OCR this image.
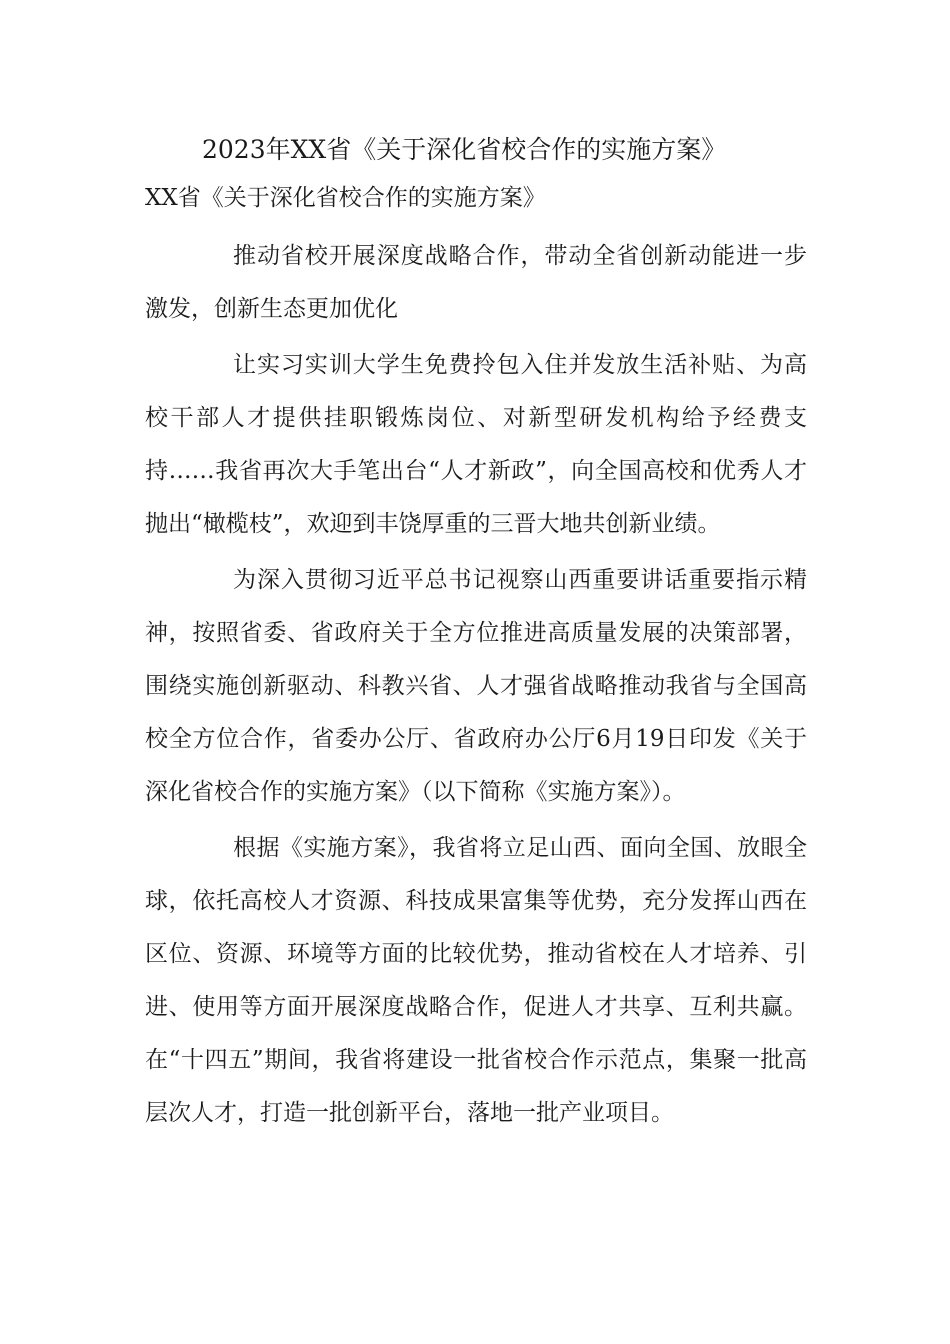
2023年XX省《关于深化省校合作的实施方案》

XX省《关于深化省校合作的实施方案》

推动省校开展深度战略合作，带动全省创新动能进一步激发，创新生态更加优化

让实习实训大学生免费拎包入住并发放生活补贴、为高校干部人才提供挂职锻炼岗位、对新型研发机构给予经费支持……我省再次大手笔出台“人才新政”，向全国高校和优秀人才抛出“橄榄枝”，欢迎到丰饶厚重的三晋大地共创新业绩。

为深入贯彻习近平总书记视察山西重要讲话重要指示精神，按照省委、省政府关于全方位推进高质量发展的决策部署，围绕实施创新驱动、科教兴省、人才强省战略推动我省与全国高校全方位合作，省委办公厅、省政府办公厅6月19日印发《关于深化省校合作的实施方案》（以下简称《实施方案》）。

根据《实施方案》，我省将立足山西、面向全国、放眼全球，依托高校人才资源、科技成果富集等优势，充分发挥山西在区位、资源、环境等方面的比较优势，推动省校在人才培养、引进、使用等方面开展深度战略合作，促进人才共享、互利共赢。在“十四五”期间，我省将建设一批省校合作示范点，集聚一批高层次人才，打造一批创新平台，落地一批产业项目。
